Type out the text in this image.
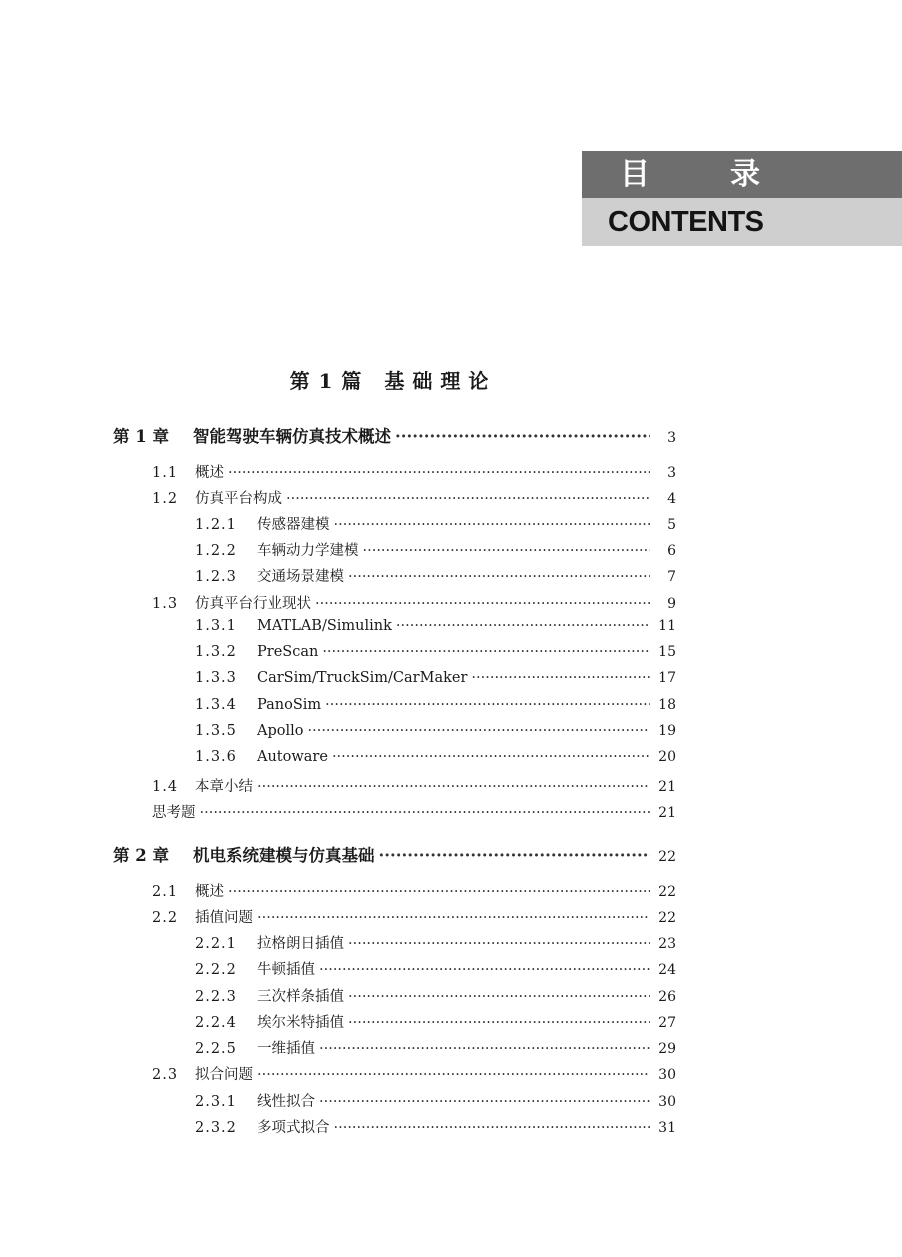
目录
CONTENTS
第 1 篇 基础理论
第 1 章	智能驾驶车辆仿真技术概述 ·····	3
1.1	概述 ·····	3
1.2	仿真平台构成 ·····	4
1.2.1	传感器建模 ·····	5
1.2.2	车辆动力学建模 ·····	6
1.2.3	交通场景建模 ·····	7
1.3	仿真平台行业现状 ·····	9
1.3.1	MATLAB/Simulink ·····	11
1.3.2	PreScan ·····	15
1.3.3	CarSim/TruckSim/CarMaker ·····	17
1.3.4	PanoSim ·····	18
1.3.5	Apollo ·····	19
1.3.6	Autoware ·····	20
1.4	本章小结 ·····	21
思考题 ·····	21
第 2 章	机电系统建模与仿真基础 ·····	22
2.1	概述 ·····	22
2.2	插值问题 ·····	22
2.2.1	拉格朗日插值 ·····	23
2.2.2	牛顿插值 ·····	24
2.2.3	三次样条插值 ·····	26
2.2.4	埃尔米特插值 ·····	27
2.2.5	一维插值 ·····	29
2.3	拟合问题 ·····	30
2.3.1	线性拟合 ·····	30
2.3.2	多项式拟合 ·····	31
